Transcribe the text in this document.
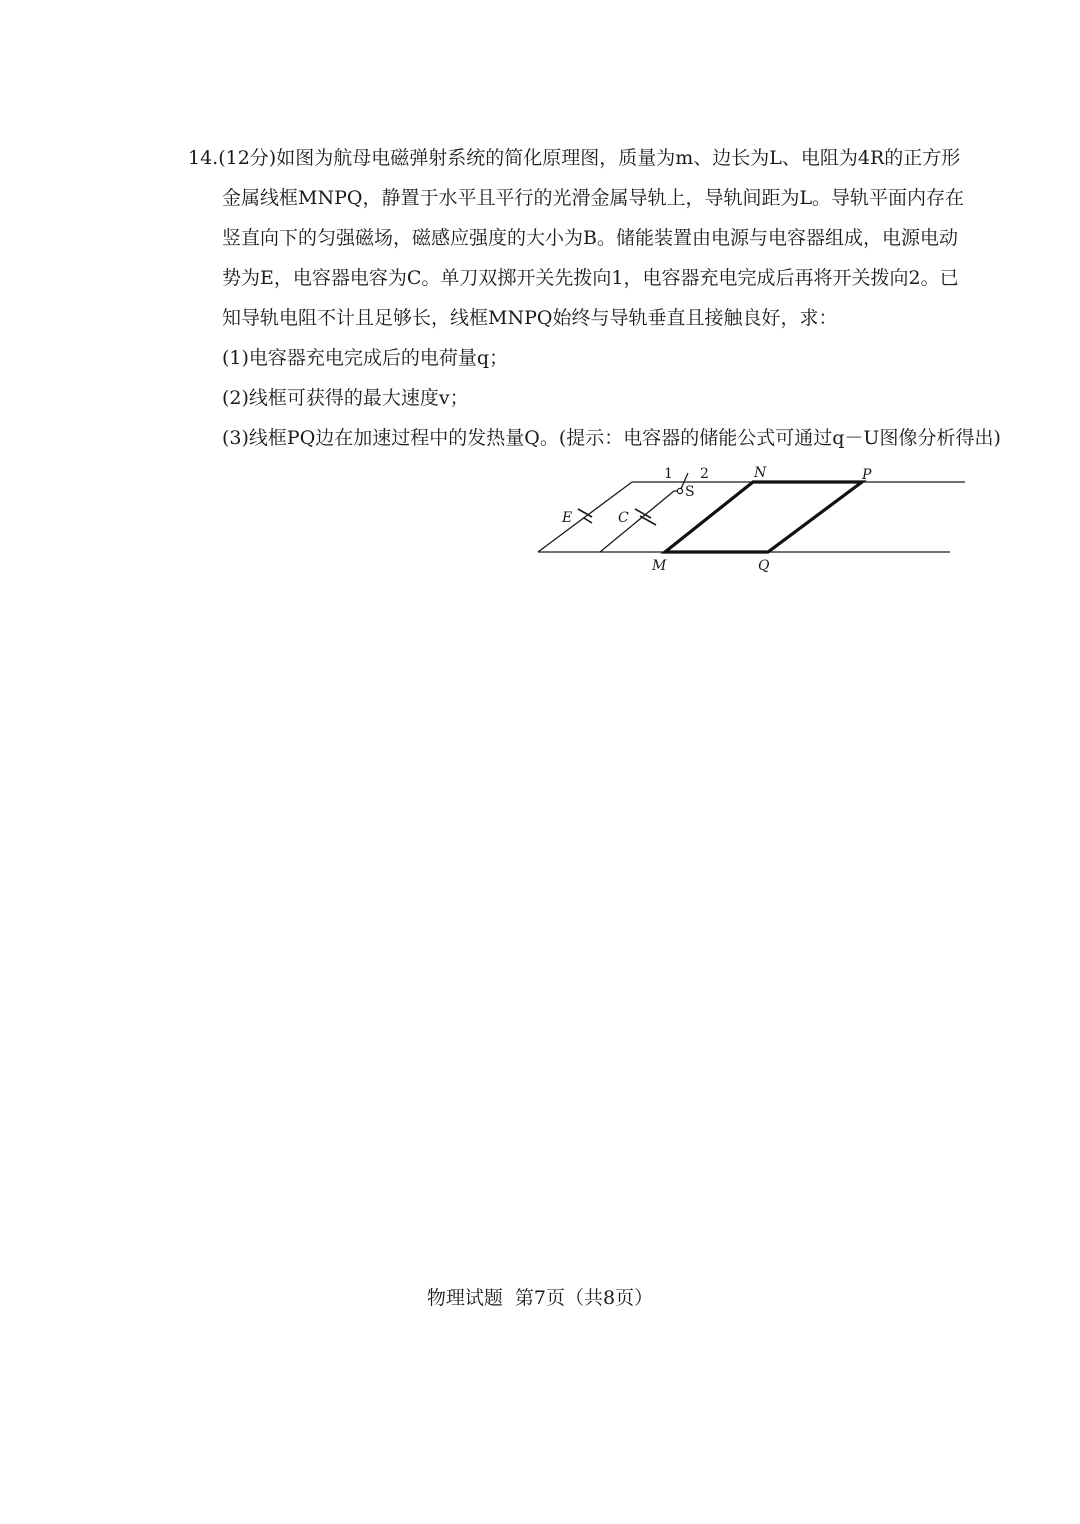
14.(12分)如图为航母电磁弹射系统的简化原理图，质量为m、边长为L、电阻为4R的正方形
金属线框MNPQ，静置于水平且平行的光滑金属导轨上，导轨间距为L。导轨平面内存在
竖直向下的匀强磁场，磁感应强度的大小为B。储能装置由电源与电容器组成，电源电动
势为E，电容器电容为C。单刀双掷开关先拨向1，电容器充电完成后再将开关拨向2。已
知导轨电阻不计且足够长，线框MNPQ始终与导轨垂直且接触良好，求：
(1)电容器充电完成后的电荷量q；
(2)线框可获得的最大速度v；
(3)线框PQ边在加速过程中的发热量Q。(提示：电容器的储能公式可通过q－U图像分析得出)
E	C
N	P
M	Q
1 2
S
物理试题 第7页（共8页）
